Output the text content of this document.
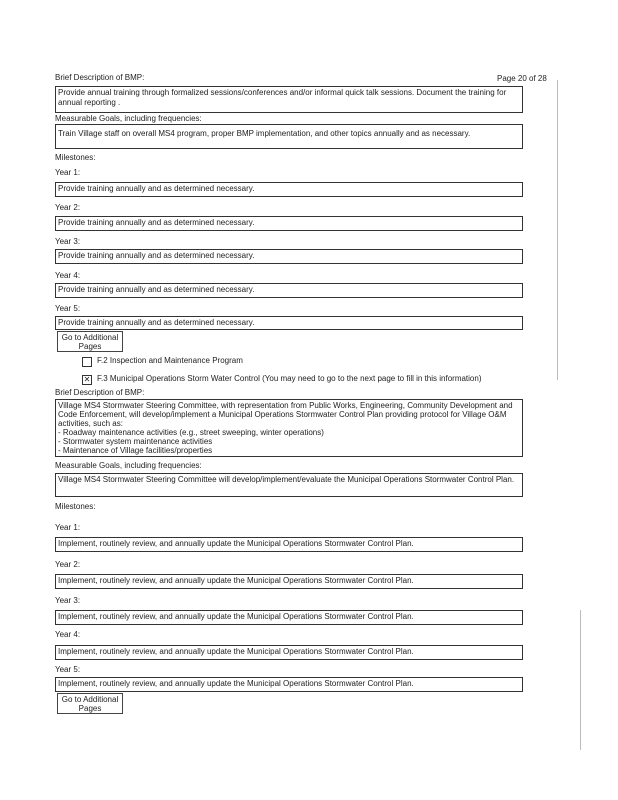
Brief Description of BMP:	Page 20 of 28
Provide annual training through formalized sessions/conferences and/or informal quick talk sessions. Document the training for annual reporting .
Measurable Goals, including frequencies:
Train Village staff on overall MS4 program, proper BMP implementation, and other topics annually and as necessary.
Milestones:
Year 1:
Provide training annually and as determined necessary.
Year 2:
Provide training annually and as determined necessary.
Year 3:
Provide training annually and as determined necessary.
Year 4:
Provide training annually and as determined necessary.
Year 5:
Provide training annually and as determined necessary.
Go to Additional Pages
F.2 Inspection and Maintenance Program
✕ F.3 Municipal Operations Storm Water Control (You may need to go to the next page to fill in this information)
Brief Description of BMP:
Village MS4 Stormwater Steering Committee, with representation from Public Works, Engineering, Community Development and Code Enforcement, will develop/implement a Municipal Operations Stormwater Control Plan providing protocol for Village O&M activities, such as:
- Roadway maintenance activities (e.g., street sweeping, winter operations)
- Stormwater system maintenance activities
- Maintenance of Village facilities/properties
Measurable Goals, including frequencies:
Village MS4 Stormwater Steering Committee will develop/implement/evaluate the Municipal Operations Stormwater Control Plan.
Milestones:
Year 1:
Implement, routinely review, and annually update the Municipal Operations Stormwater Control Plan.
Year 2:
Implement, routinely review, and annually update the Municipal Operations Stormwater Control Plan.
Year 3:
Implement, routinely review, and annually update the Municipal Operations Stormwater Control Plan.
Year 4:
Implement, routinely review, and annually update the Municipal Operations Stormwater Control Plan.
Year 5:
Implement, routinely review, and annually update the Municipal Operations Stormwater Control Plan.
Go to Additional Pages
